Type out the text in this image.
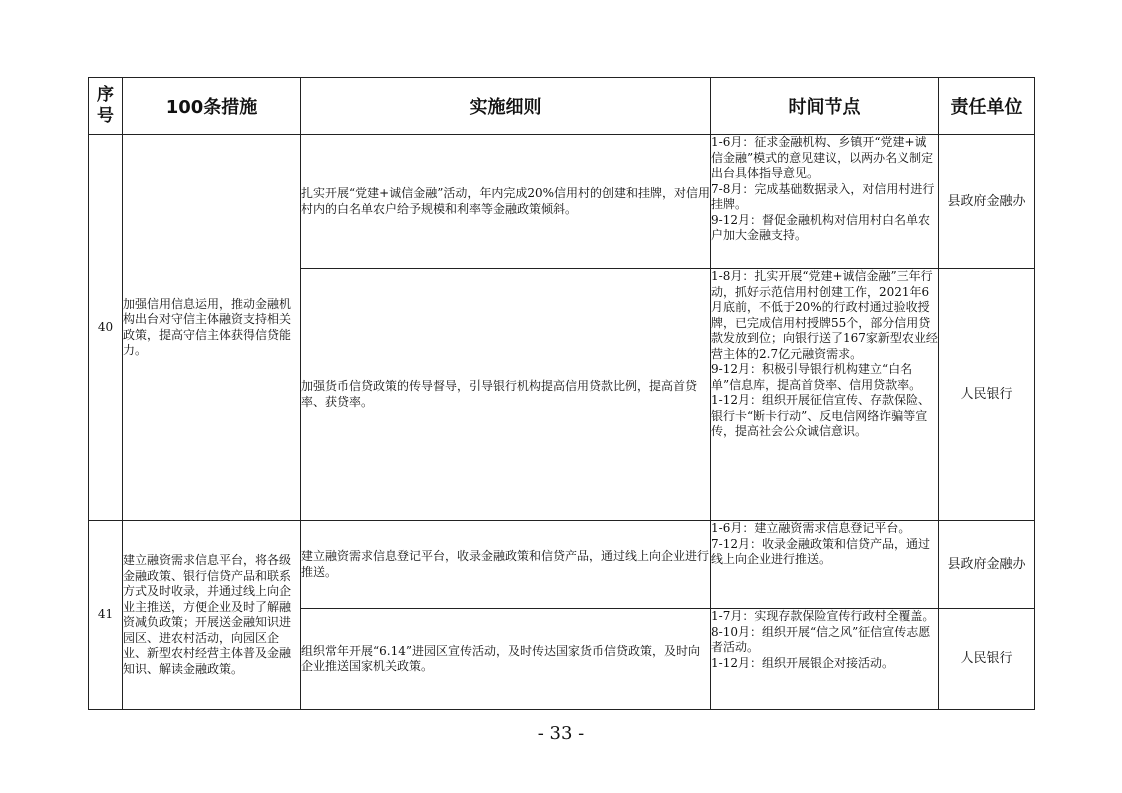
序号	100条措施	实施细则	时间节点	责任单位
40	加强信用信息运用，推动金融机构出台对守信主体融资支持相关政策，提高守信主体获得信贷能力。	扎实开展“党建+诚信金融”活动，年内完成20%信用村的创建和挂牌，对信用村内的白名单农户给予规模和利率等金融政策倾斜。	1-6月：征求金融机构、乡镇开“党建+诚信金融”模式的意见建议，以两办名义制定出台具体指导意见。
7-8月：完成基础数据录入，对信用村进行挂牌。
9-12月：督促金融机构对信用村白名单农户加大金融支持。	县政府金融办
		加强货币信贷政策的传导督导，引导银行机构提高信用贷款比例，提高首贷率、获贷率。	1-8月：扎实开展“党建+诚信金融”三年行动，抓好示范信用村创建工作，2021年6月底前，不低于20%的行政村通过验收授牌，已完成信用村授牌55个，部分信用贷款发放到位；向银行送了167家新型农业经营主体的2.7亿元融资需求。
9-12月：积极引导银行机构建立“白名单”信息库，提高首贷率、信用贷款率。
1-12月：组织开展征信宣传、存款保险、银行卡“断卡行动”、反电信网络诈骗等宣传，提高社会公众诚信意识。	人民银行
41	建立融资需求信息平台，将各级金融政策、银行信贷产品和联系方式及时收录，并通过线上向企业主推送，方便企业及时了解融资减负政策；开展送金融知识进园区、进农村活动，向园区企业、新型农村经营主体普及金融知识、解读金融政策。	建立融资需求信息登记平台，收录金融政策和信贷产品，通过线上向企业进行推送。	1-6月：建立融资需求信息登记平台。
7-12月：收录金融政策和信贷产品，通过线上向企业进行推送。	县政府金融办
		组织常年开展“6.14”进园区宣传活动，及时传达国家货币信贷政策，及时向企业推送国家机关政策。	1-7月：实现存款保险宣传行政村全覆盖。
8-10月：组织开展“信之风”征信宣传志愿者活动。
1-12月：组织开展银企对接活动。	人民银行
- 33 -
